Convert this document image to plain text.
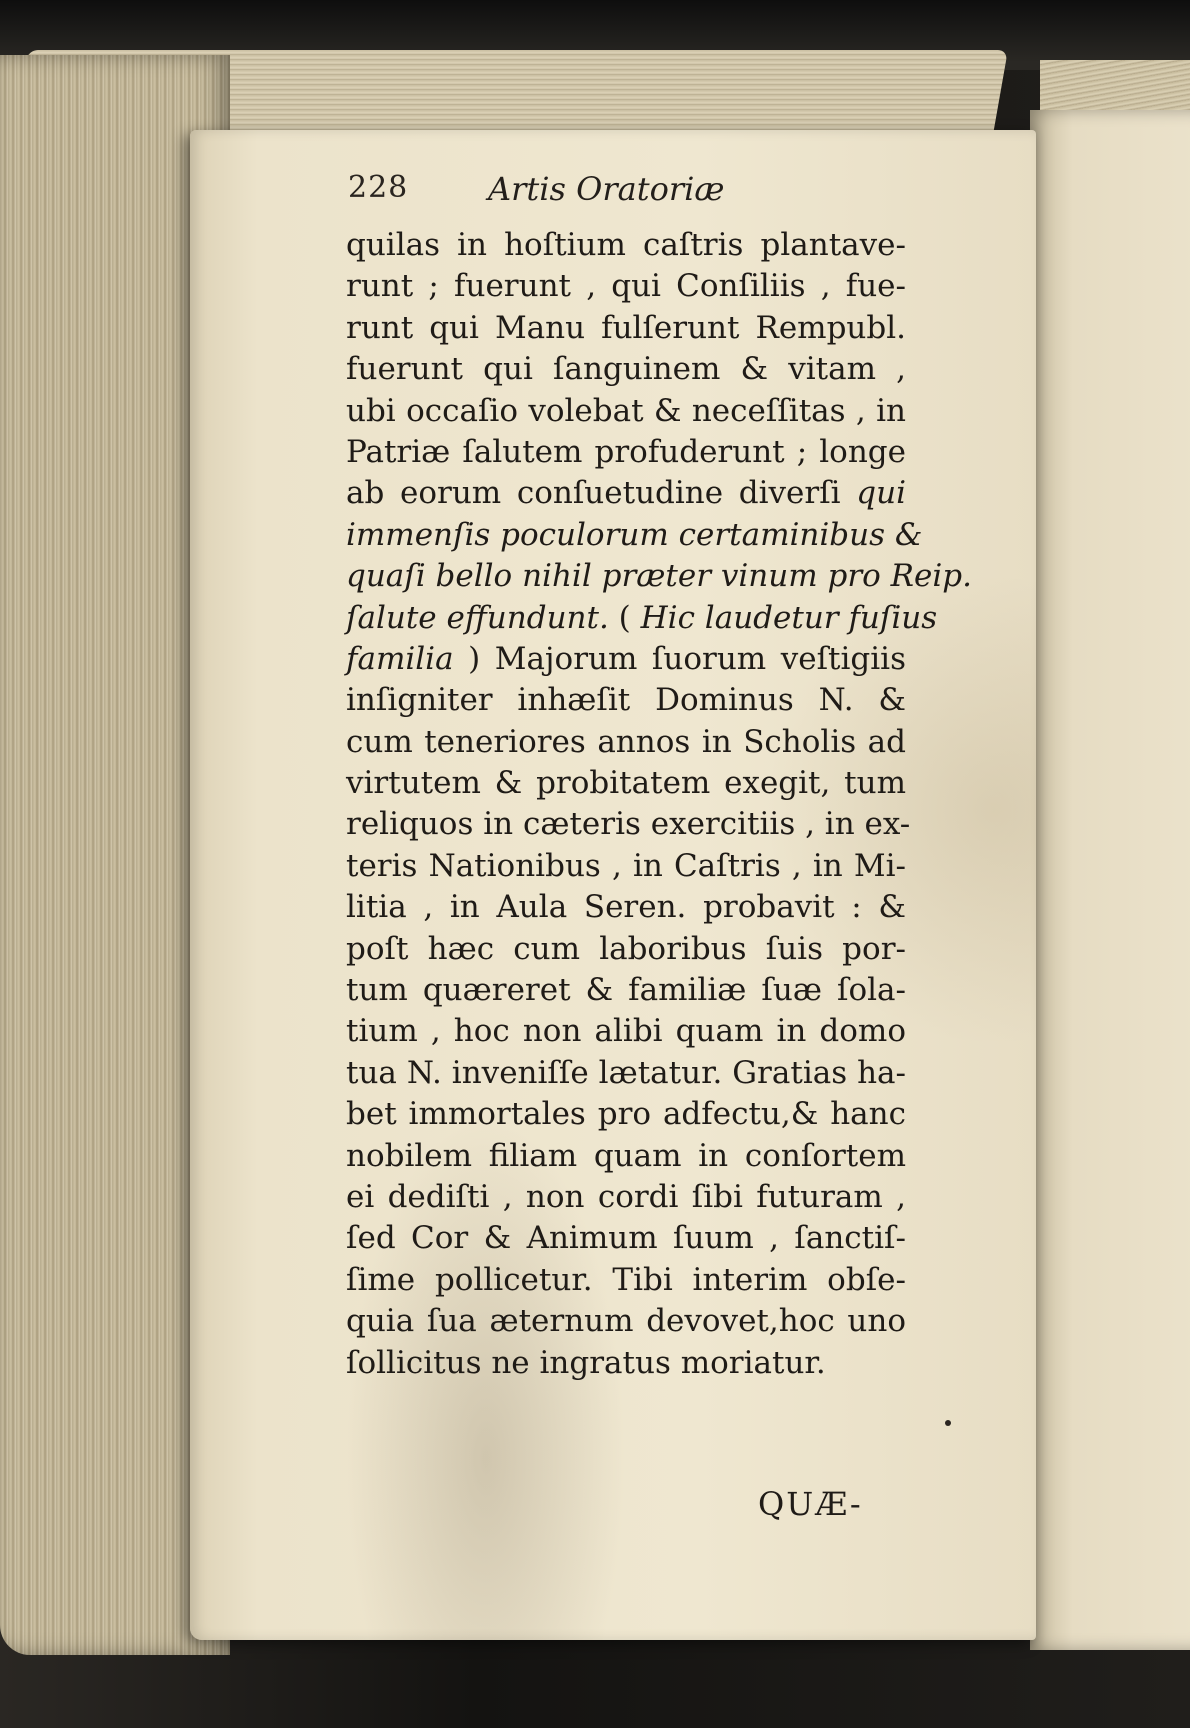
228 Artis Oratoriæ
quilas in hoſtium caſtris plantave-
runt ; fuerunt , qui Conſiliis , fue-
runt qui Manu fulſerunt Rempubl.
fuerunt qui ſanguinem & vitam ,
ubi occaſio volebat & neceſſitas , in
Patriæ ſalutem profuderunt ; longe
ab eorum conſuetudine diverſi qui
immenſis poculorum certaminibus &
quaſi bello nihil præter vinum pro Reip.
ſalute effundunt. ( Hic laudetur fuſius
familia ) Majorum ſuorum veſtigiis
inſigniter inhæſit Dominus N. &
cum teneriores annos in Scholis ad
virtutem & probitatem exegit, tum
reliquos in cæteris exercitiis , in ex-
teris Nationibus , in Caſtris , in Mi-
litia , in Aula Seren. probavit : &
poſt hæc cum laboribus ſuis por-
tum quæreret & familiæ ſuæ ſola-
tium , hoc non alibi quam in domo
tua N. inveniſſe lætatur. Gratias ha-
bet immortales pro adfectu,& hanc
nobilem filiam quam in conſortem
ei dediſti , non cordi ſibi futuram ,
ſed Cor & Animum ſuum , ſanctiſ-
ſime pollicetur. Tibi interim obſe-
quia ſua æternum devovet,hoc uno
ſollicitus ne ingratus moriatur.
QUÆ-
